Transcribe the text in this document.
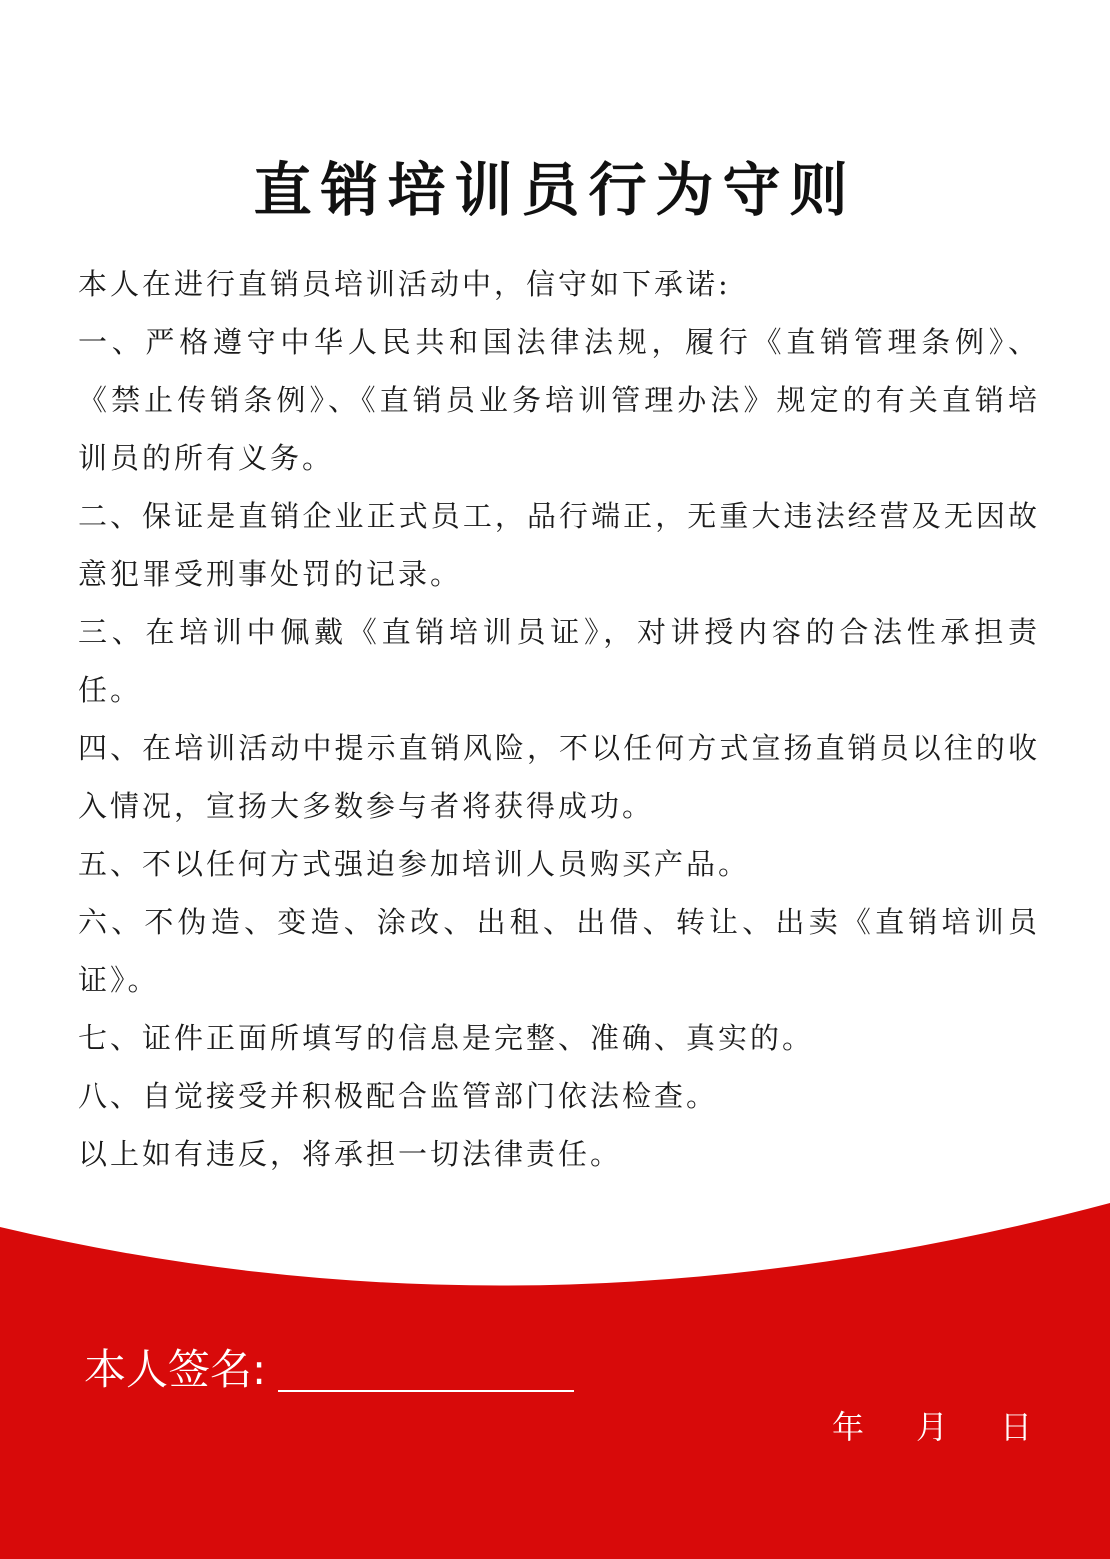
直销培训员行为守则

本人在进行直销员培训活动中，信守如下承诺:

一、严格遵守中华人民共和国法律法规，履行《直销管理条例》、《禁止传销条例》、《直销员业务培训管理办法》规定的有关直销培训员的所有义务。

二、保证是直销企业正式员工，品行端正，无重大违法经营及无因故意犯罪受刑事处罚的记录。

三、在培训中佩戴《直销培训员证》，对讲授内容的合法性承担责任。

四、在培训活动中提示直销风险，不以任何方式宣扬直销员以往的收入情况，宣扬大多数参与者将获得成功。

五、不以任何方式强迫参加培训人员购买产品。

六、不伪造、变造、涂改、出租、出借、转让、出卖《直销培训员证》。

七、证件正面所填写的信息是完整、准确、真实的。

八、自觉接受并积极配合监管部门依法检查。

以上如有违反，将承担一切法律责任。

本人签名:
年	月	日
